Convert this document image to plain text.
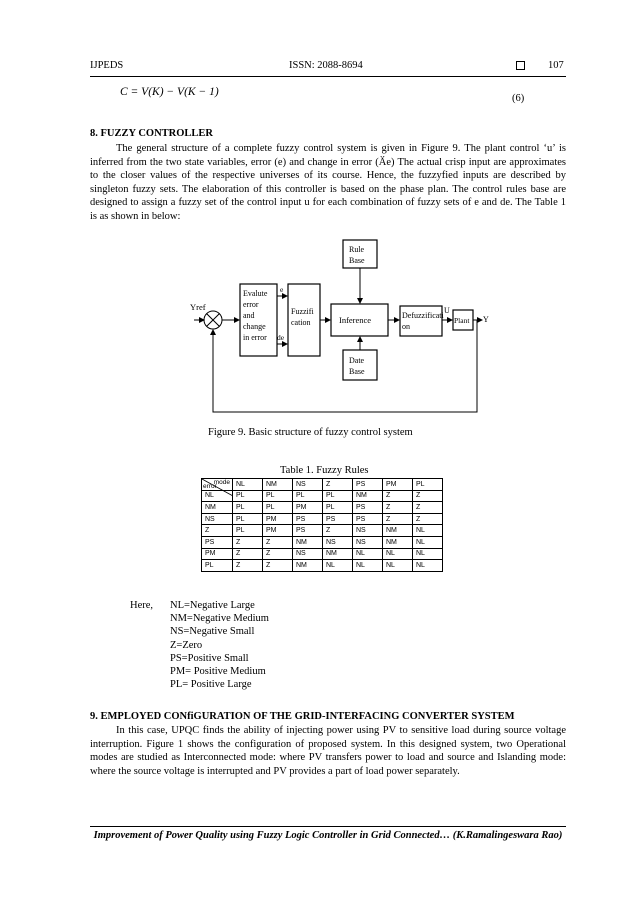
IJPEDS	ISSN: 2088-8694	107
C = V(K) − V(K − 1)
(6)
8. FUZZY CONTROLLER

The general structure of a complete fuzzy control system is given in Figure 9. The plant control ‘u’ is inferred from the two state variables, error (e) and change in error (Ӑe) The actual crisp input are approximates to the closer values of the respective universes of its course. Hence, the fuzzyfied inputs are described by singleton fuzzy sets. The elaboration of this controller is based on the phase plan. The control rules base are designed to assign a fuzzy set of the control input u for each combination of fuzzy sets of e and de. The Table 1 is as shown in below:

Yref
Evalute error and change in error
e
de
Fuzzifi cation
Rule Base
Inference
Date Base
Defuzzificati on
U
Plant Y
Figure 9. Basic structure of fuzzy control system
Table 1. Fuzzy Rules
mode
error	NL	NM	NS	Z	PS	PM	PL
NL	PL	PL	PL	PL	NM	Z	Z
NM	PL	PL	PM	PL	PS	Z	Z
NS	PL	PM	PS	PS	PS	Z	Z
Z	PL	PM	PS	Z	NS	NM	NL
PS	Z	Z	NM	NS	NS	NM	NL
PM	Z	Z	NS	NM	NL	NL	NL
PL	Z	Z	NM	NL	NL	NL	NL
Here, NL=Negative Large
NM=Negative Medium
NS=Negative Small
Z=Zero
PS=Positive Small
PM= Positive Medium
PL= Positive Large
9. EMPLOYED CONfiGURATION OF THE GRID-INTERFACING CONVERTER SYSTEM

In this case, UPQC finds the ability of injecting power using PV to sensitive load during source voltage interruption. Figure 1 shows the configuration of proposed system. In this designed system, two Operational modes are studied as Interconnected mode: where PV transfers power to load and source and Islanding mode: where the source voltage is interrupted and PV provides a part of load power separately.

Improvement of Power Quality using Fuzzy Logic Controller in Grid Connected… (K.Ramalingeswara Rao)
